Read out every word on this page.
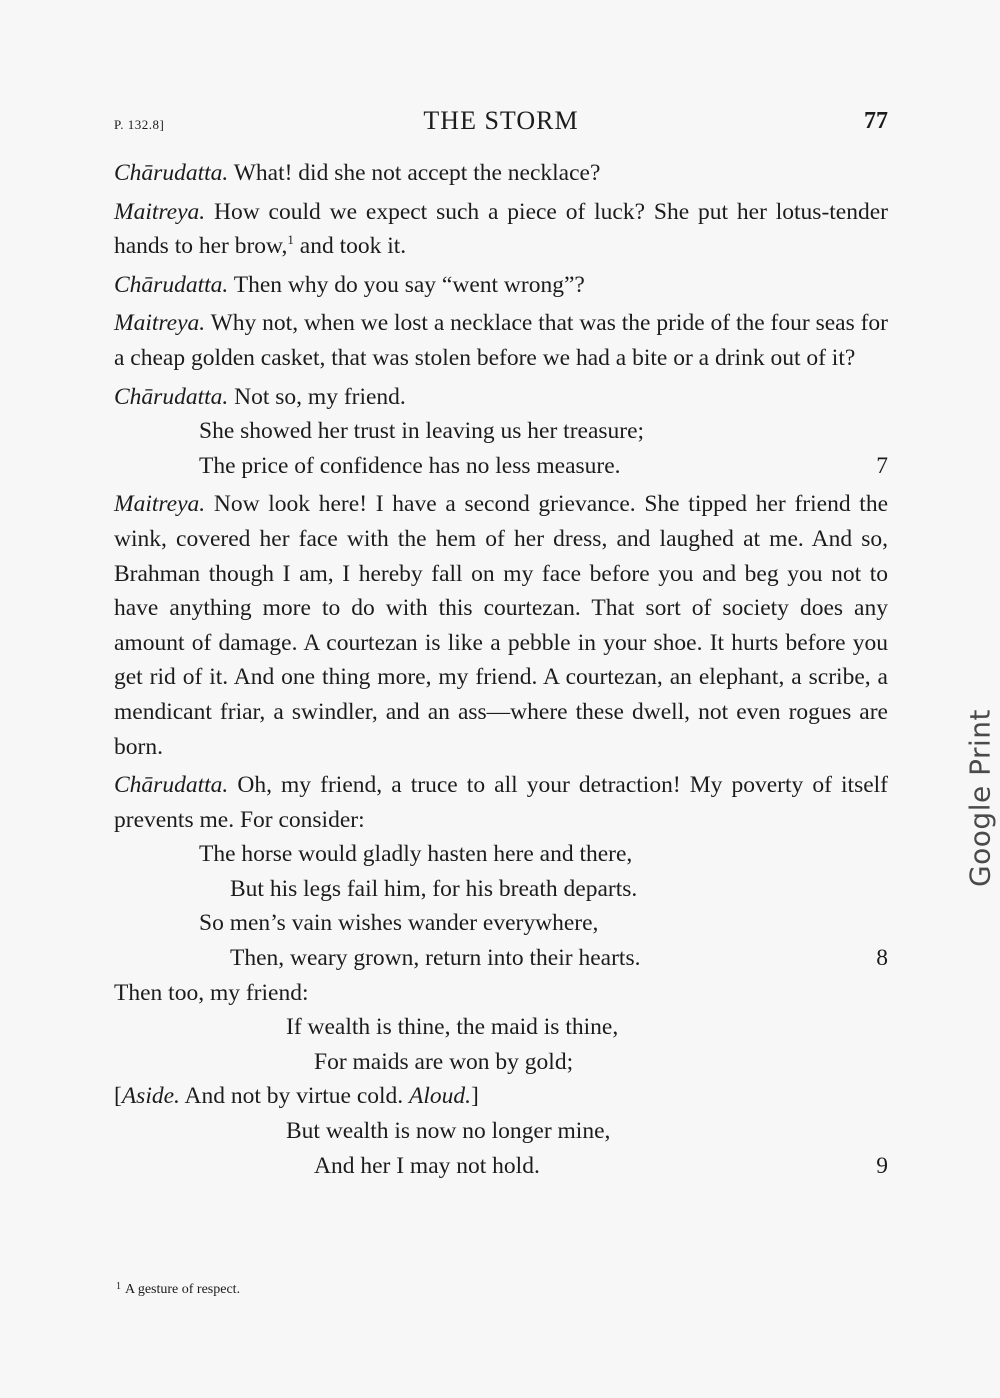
P. 132.8]	THE STORM	77

Chārudatta. What! did she not accept the necklace?

Maitreya. How could we expect such a piece of luck? She put her lotus-tender hands to her brow,$^1$ and took it.

Chārudatta. Then why do you say “went wrong”?

Maitreya. Why not, when we lost a necklace that was the pride of the four seas for a cheap golden casket, that was stolen before we had a bite or a drink out of it?

Chārudatta. Not so, my friend.

She showed her trust in leaving us her treasure;
The price of confidence has no less measure.	7

Maitreya. Now look here! I have a second grievance. She tipped her friend the wink, covered her face with the hem of her dress, and laughed at me. And so, Brahman though I am, I hereby fall on my face before you and beg you not to have anything more to do with this courtezan. That sort of society does any amount of damage. A courtezan is like a pebble in your shoe. It hurts before you get rid of it. And one thing more, my friend. A courtezan, an elephant, a scribe, a mendicant friar, a swindler, and an ass—where these dwell, not even rogues are born.

Chārudatta. Oh, my friend, a truce to all your detraction! My poverty of itself prevents me. For consider:

The horse would gladly hasten here and there,
But his legs fail him, for his breath departs.
So men’s vain wishes wander everywhere,
Then, weary grown, return into their hearts.	8

Then too, my friend:

If wealth is thine, the maid is thine,
For maids are won by gold;
[Aside. And not by virtue cold. Aloud.]
But wealth is now no longer mine,
And her I may not hold.	9
$^1$ A gesture of respect.
Google Print
